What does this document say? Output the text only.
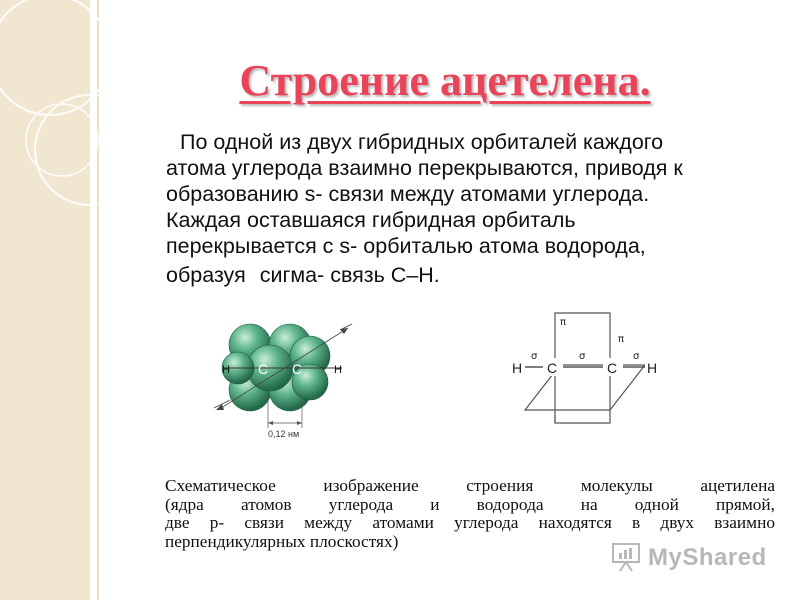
Строение ацетелена.
По одной из двух гибридных орбиталей каждого
атома углерода взаимно перекрываются, приводя к
образованию s- связи между атомами углерода.
Каждая оставшаяся гибридная орбиталь
перекрывается с s- орбиталью атома водорода,
образуя сигма- связь С–Н.
H C C	H
0,12 нм
H C	C H
σ	σ	σ
π
π
Схематическое изображение строения молекулы ацетилена
(ядра атомов углерода и водорода на одной прямой,
две р- связи между атомами углерода находятся в двух взаимно
перпендикулярных плоскостях)
MyShared
